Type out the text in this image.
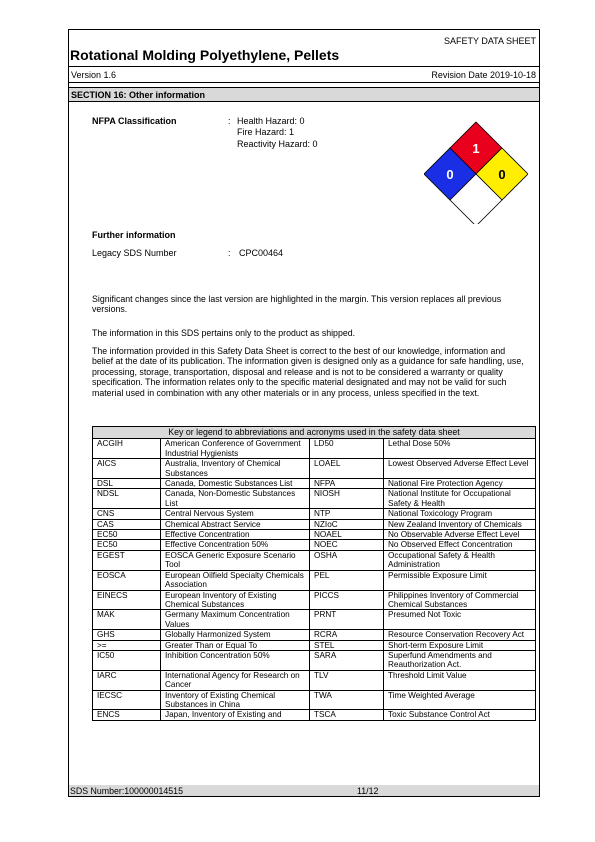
SAFETY DATA SHEET
Rotational Molding Polyethylene, Pellets
Version 1.6	Revision Date 2019-10-18
SECTION 16: Other information
NFPA Classification	: Health Hazard: 0
Fire Hazard: 1
Reactivity Hazard: 0	1
0	0
Further information
Legacy SDS Number	: CPC00464

Significant changes since the last version are highlighted in the margin. This version replaces all previous versions.

The information in this SDS pertains only to the product as shipped.

The information provided in this Safety Data Sheet is correct to the best of our knowledge, information and belief at the date of its publication. The information given is designed only as a guidance for safe handling, use, processing, storage, transportation, disposal and release and is not to be considered a warranty or quality specification. The information relates only to the specific material designated and may not be valid for such material used in combination with any other materials or in any process, unless specified in the text.

Key or legend to abbreviations and acronyms used in the safety data sheet			
ACGIH	American Conference of Government Industrial Hygienists	LD50	Lethal Dose 50%
AICS	Australia, Inventory of Chemical Substances	LOAEL	Lowest Observed Adverse Effect Level
DSL	Canada, Domestic Substances List	NFPA	National Fire Protection Agency
NDSL	Canada, Non-Domestic Substances List	NIOSH	National Institute for Occupational Safety & Health
CNS	Central Nervous System	NTP	National Toxicology Program
CAS	Chemical Abstract Service	NZIoC	New Zealand Inventory of Chemicals
EC50	Effective Concentration	NOAEL	No Observable Adverse Effect Level
EC50	Effective Concentration 50%	NOEC	No Observed Effect Concentration
EGEST	EOSCA Generic Exposure Scenario Tool	OSHA	Occupational Safety & Health Administration
EOSCA	European Oilfield Specialty Chemicals Association	PEL	Permissible Exposure Limit
EINECS	European Inventory of Existing Chemical Substances	PICCS	Philippines Inventory of Commercial Chemical Substances
MAK	Germany Maximum Concentration Values	PRNT	Presumed Not Toxic
GHS	Globally Harmonized System	RCRA	Resource Conservation Recovery Act
>=	Greater Than or Equal To	STEL	Short-term Exposure Limit
IC50	Inhibition Concentration 50%	SARA	Superfund Amendments and Reauthorization Act.
IARC	International Agency for Research on Cancer	TLV	Threshold Limit Value
IECSC	Inventory of Existing Chemical Substances in China	TWA	Time Weighted Average
ENCS	Japan, Inventory of Existing and	TSCA	Toxic Substance Control Act
SDS Number:100000014515	11/12
